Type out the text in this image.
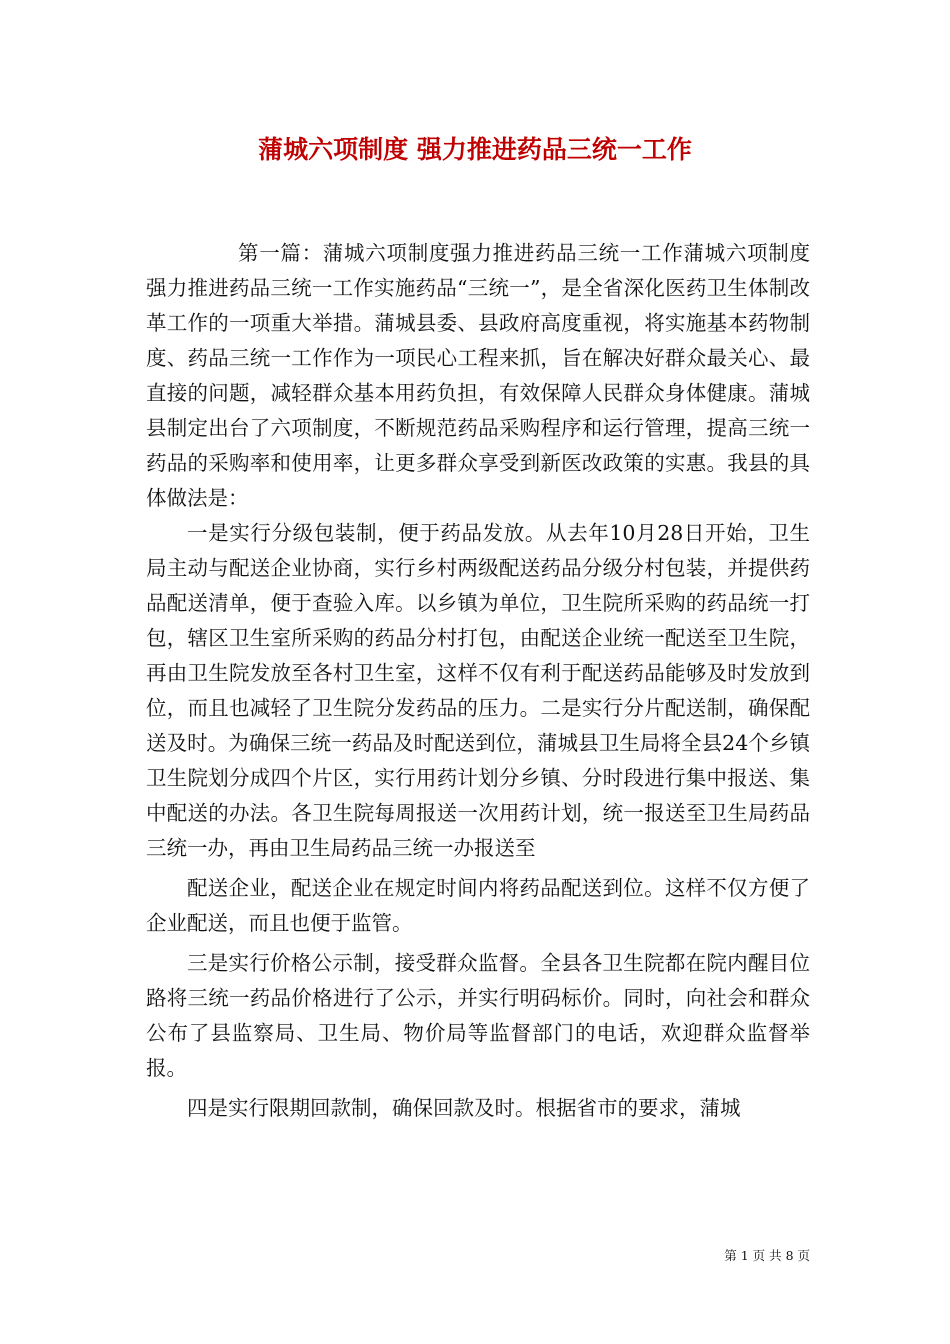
蒲城六项制度 强力推进药品三统一工作

第一篇：蒲城六项制度强力推进药品三统一工作蒲城六项制度强力推进药品三统一工作实施药品“三统一”，是全省深化医药卫生体制改革工作的一项重大举措。蒲城县委、县政府高度重视，将实施基本药物制度、药品三统一工作作为一项民心工程来抓，旨在解决好群众最关心、最直接的问题，减轻群众基本用药负担，有效保障人民群众身体健康。蒲城县制定出台了六项制度，不断规范药品采购程序和运行管理，提高三统一药品的采购率和使用率，让更多群众享受到新医改政策的实惠。我县的具体做法是：

一是实行分级包装制，便于药品发放。从去年10月28日开始，卫生局主动与配送企业协商，实行乡村两级配送药品分级分村包装，并提供药品配送清单，便于查验入库。以乡镇为单位，卫生院所采购的药品统一打包，辖区卫生室所采购的药品分村打包，由配送企业统一配送至卫生院，再由卫生院发放至各村卫生室，这样不仅有利于配送药品能够及时发放到位，而且也减轻了卫生院分发药品的压力。二是实行分片配送制，确保配送及时。为确保三统一药品及时配送到位，蒲城县卫生局将全县24个乡镇卫生院划分成四个片区，实行用药计划分乡镇、分时段进行集中报送、集中配送的办法。各卫生院每周报送一次用药计划，统一报送至卫生局药品三统一办，再由卫生局药品三统一办报送至

配送企业，配送企业在规定时间内将药品配送到位。这样不仅方便了企业配送，而且也便于监管。

三是实行价格公示制，接受群众监督。全县各卫生院都在院内醒目位路将三统一药品价格进行了公示，并实行明码标价。同时，向社会和群众公布了县监察局、卫生局、物价局等监督部门的电话，欢迎群众监督举报。

四是实行限期回款制，确保回款及时。根据省市的要求，蒲城

第 1 页 共 8 页
